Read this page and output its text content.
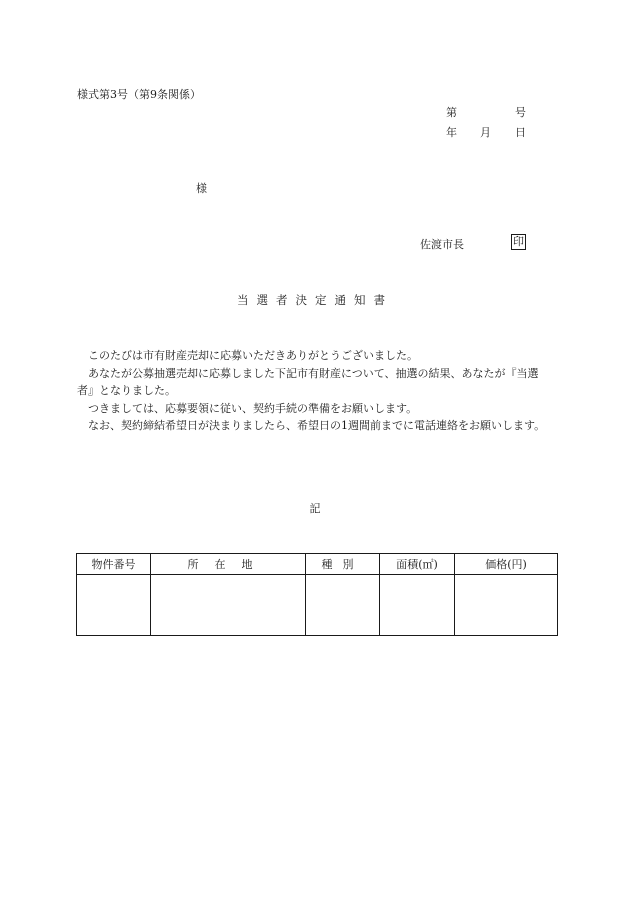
様式第3号（第9条関係）
第	号
年 月 日
様
佐渡市長	印
当選者決定通知書

このたびは市有財産売却に応募いただきありがとうございました。

あなたが公募抽選売却に応募しました下記市有財産について、抽選の結果、あなたが『当選者』となりました。

つきましては、応募要領に従い、契約手続の準備をお願いします。

なお、契約締結希望日が決まりましたら、希望日の1週間前までに電話連絡をお願いします。

記
物件番号	所在地	種別	面積(㎡)	価格(円)
